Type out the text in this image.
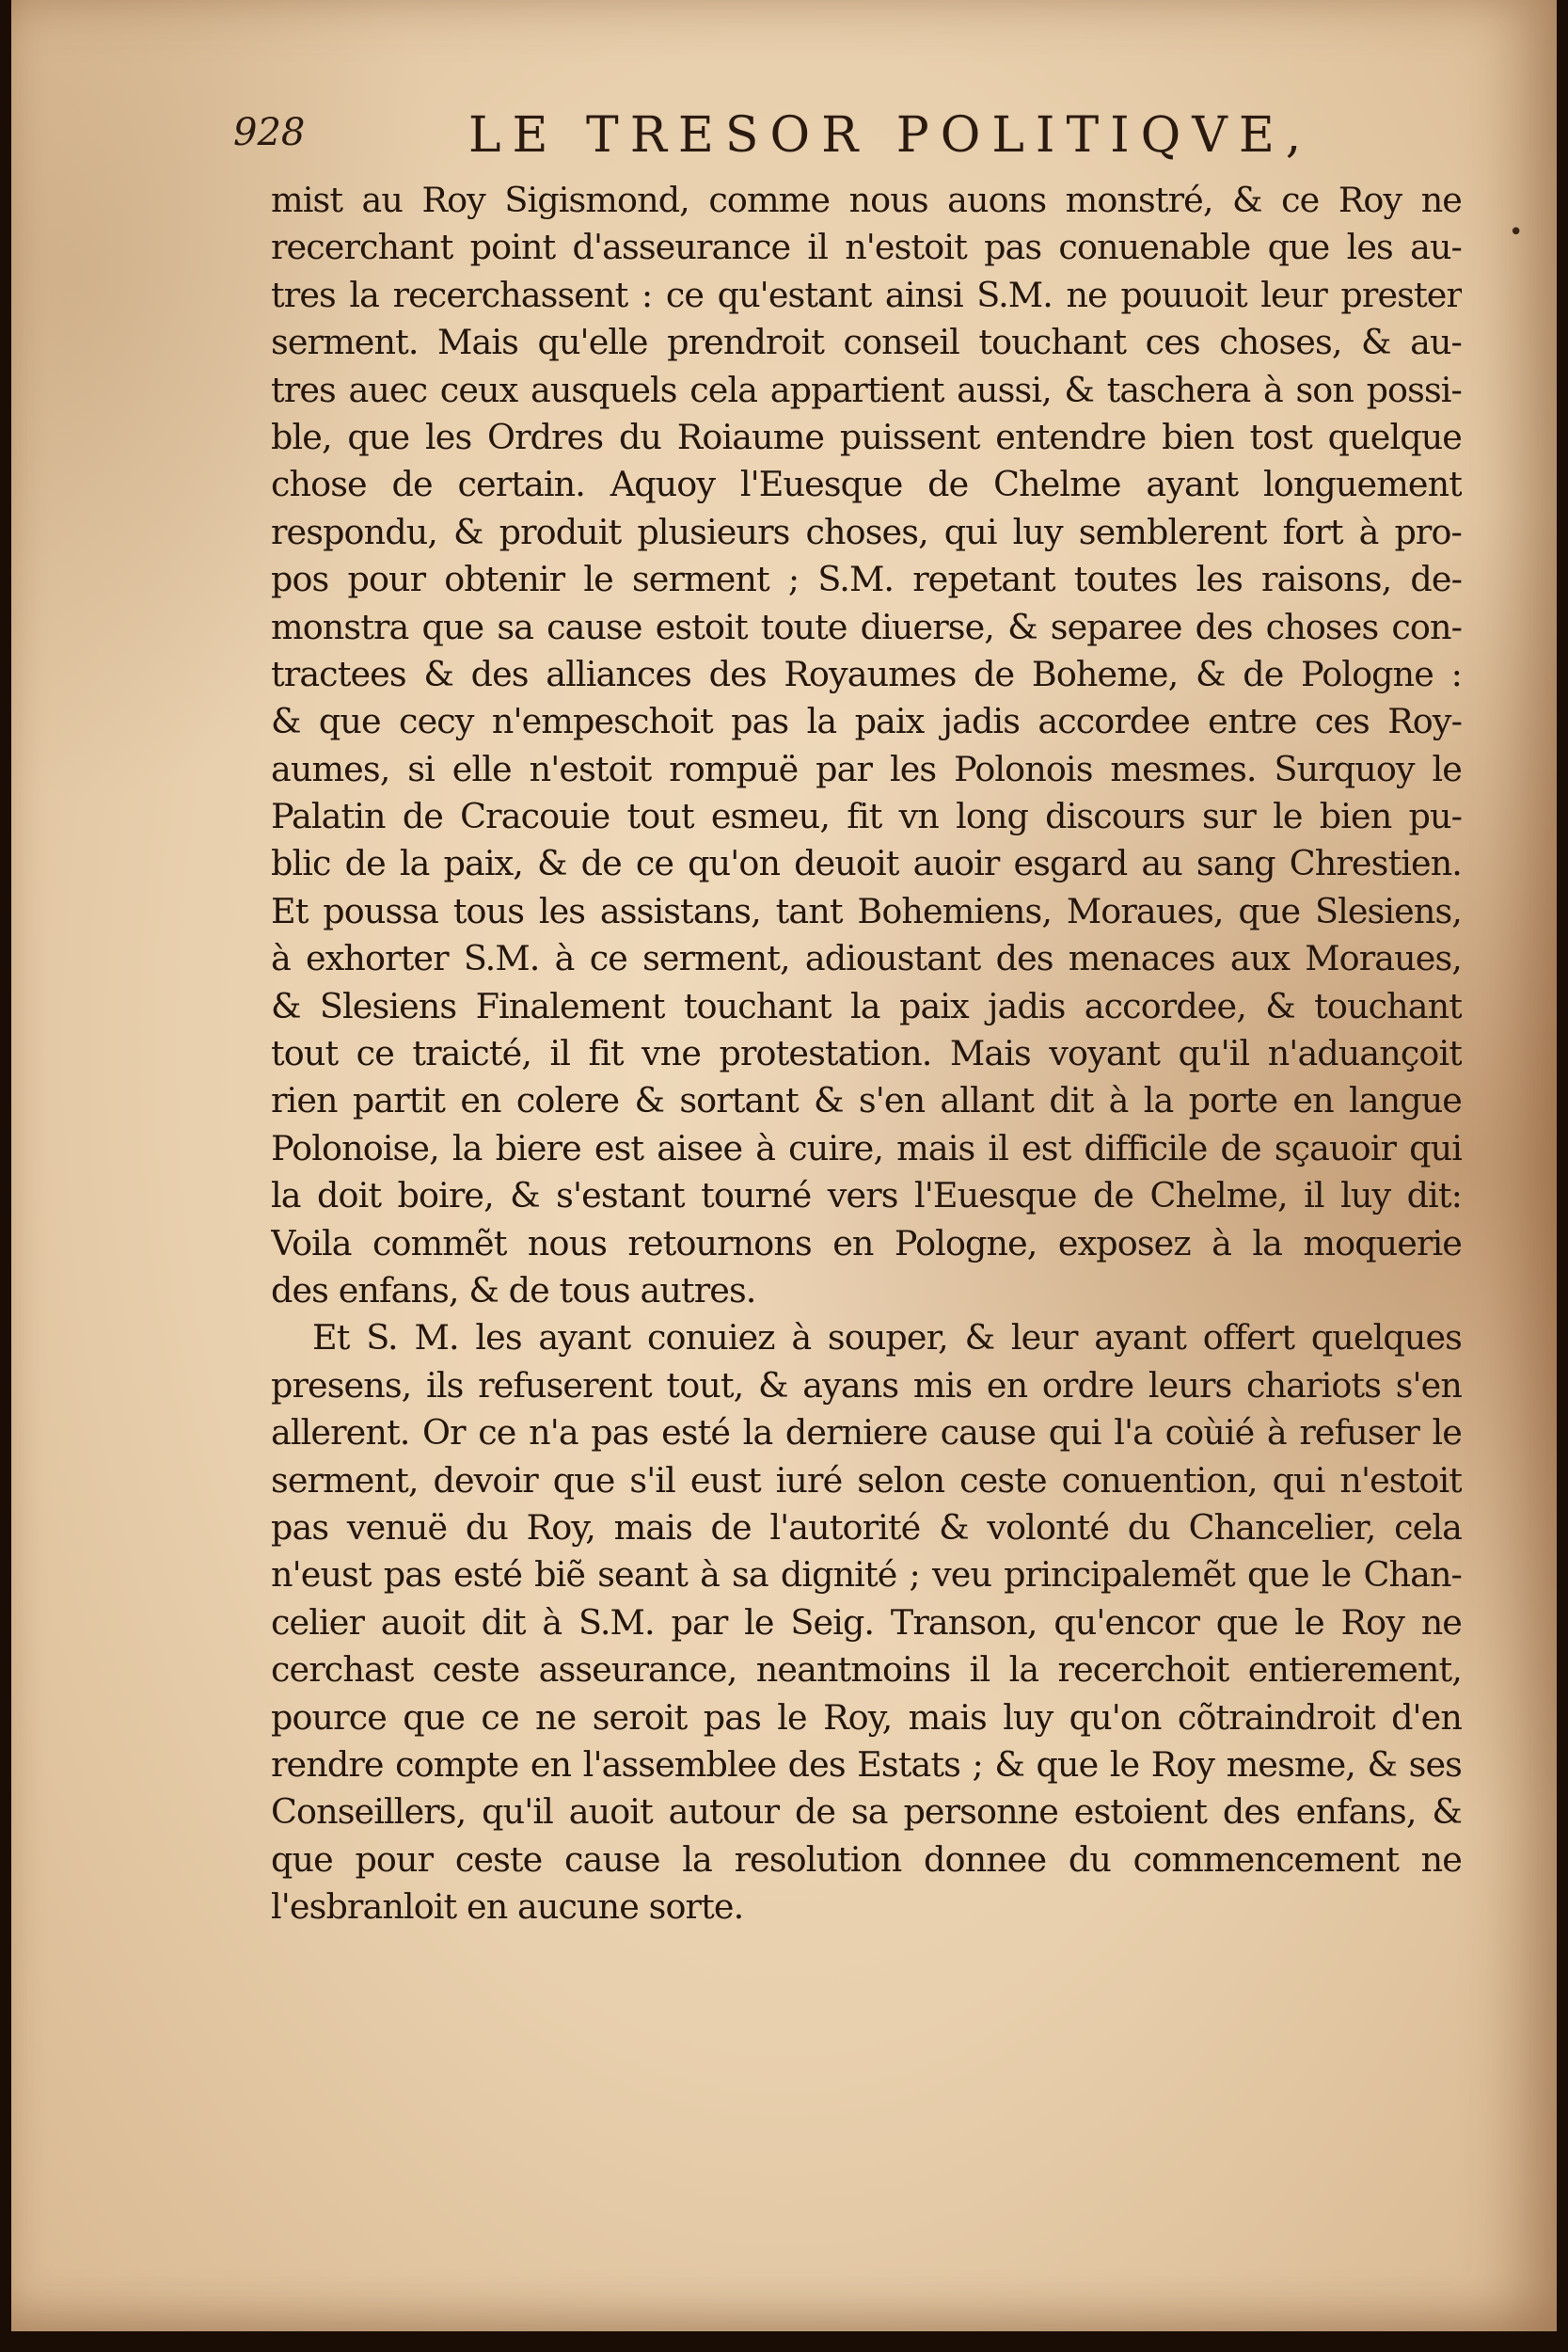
928	LE TRESOR POLITIQVE,
•
mist au Roy Sigismond, comme nous auons monstré, & ce Roy ne
recerchant point d'asseurance il n'estoit pas conuenable que les au-
tres la recerchassent : ce qu'estant ainsi S.M. ne pouuoit leur prester
serment. Mais qu'elle prendroit conseil touchant ces choses, & au-
tres auec ceux ausquels cela appartient aussi, & taschera à son possi-
ble, que les Ordres du Roiaume puissent entendre bien tost quelque
chose de certain. Aquoy l'Euesque de Chelme ayant longuement
respondu, & produit plusieurs choses, qui luy semblerent fort à pro-
pos pour obtenir le serment ; S.M. repetant toutes les raisons, de-
monstra que sa cause estoit toute diuerse, & separee des choses con-
tractees & des alliances des Royaumes de Boheme, & de Pologne :
& que cecy n'empeschoit pas la paix jadis accordee entre ces Roy-
aumes, si elle n'estoit rompuë par les Polonois mesmes. Surquoy le
Palatin de Cracouie tout esmeu, fit vn long discours sur le bien pu-
blic de la paix, & de ce qu'on deuoit auoir esgard au sang Chrestien.
Et poussa tous les assistans, tant Bohemiens, Moraues, que Slesiens,
à exhorter S.M. à ce serment, adioustant des menaces aux Moraues,
& Slesiens Finalement touchant la paix jadis accordee, & touchant
tout ce traicté, il fit vne protestation. Mais voyant qu'il n'aduançoit
rien partit en colere & sortant & s'en allant dit à la porte en langue
Polonoise, la biere est aisee à cuire, mais il est difficile de sçauoir qui
la doit boire, & s'estant tourné vers l'Euesque de Chelme, il luy dit:
Voila commẽt nous retournons en Pologne, exposez à la moquerie
des enfans, & de tous autres.
Et S. M. les ayant conuiez à souper, & leur ayant offert quelques
presens, ils refuserent tout, & ayans mis en ordre leurs chariots s'en
allerent. Or ce n'a pas esté la derniere cause qui l'a coùié à refuser le
serment, devoir que s'il eust iuré selon ceste conuention, qui n'estoit
pas venuë du Roy, mais de l'autorité & volonté du Chancelier, cela
n'eust pas esté biẽ seant à sa dignité ; veu principalemẽt que le Chan-
celier auoit dit à S.M. par le Seig. Transon, qu'encor que le Roy ne
cerchast ceste asseurance, neantmoins il la recerchoit entierement,
pource que ce ne seroit pas le Roy, mais luy qu'on cõtraindroit d'en
rendre compte en l'assemblee des Estats ; & que le Roy mesme, & ses
Conseillers, qu'il auoit autour de sa personne estoient des enfans, &
que pour ceste cause la resolution donnee du commencement ne
l'esbranloit en aucune sorte.
